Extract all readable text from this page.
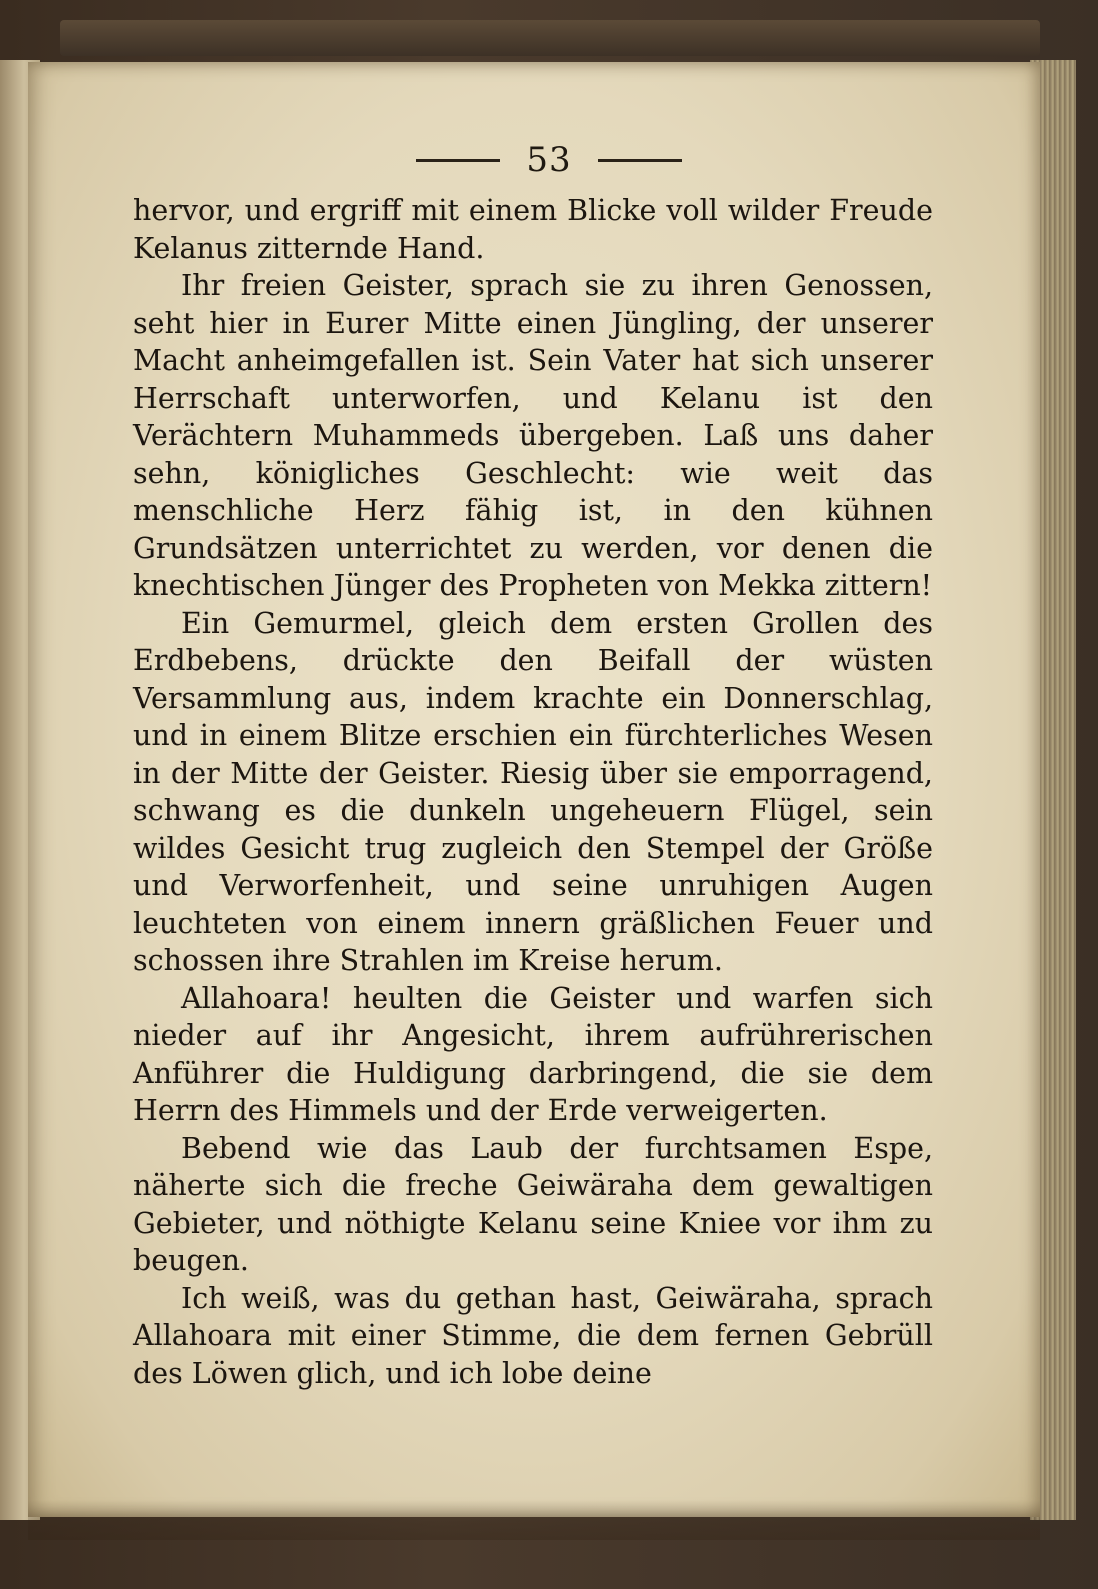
53

hervor, und ergriff mit einem Blicke voll wilder Freude Kelanus zitternde Hand.

Ihr freien Geister, sprach sie zu ihren Genossen, seht hier in Eurer Mitte einen Jüngling, der unserer Macht anheimgefallen ist. Sein Vater hat sich unserer Herrschaft unterworfen, und Kelanu ist den Verächtern Muhammeds übergeben. Laß uns daher sehn, königliches Geschlecht: wie weit das menschliche Herz fähig ist, in den kühnen Grundsätzen unterrichtet zu werden, vor denen die knechtischen Jünger des Propheten von Mekka zittern!

Ein Gemurmel, gleich dem ersten Grollen des Erdbebens, drückte den Beifall der wüsten Versammlung aus, indem krachte ein Donnerschlag, und in einem Blitze erschien ein fürchterliches Wesen in der Mitte der Geister. Riesig über sie emporragend, schwang es die dunkeln ungeheuern Flügel, sein wildes Gesicht trug zugleich den Stempel der Größe und Verworfenheit, und seine unruhigen Augen leuchteten von einem innern gräßlichen Feuer und schossen ihre Strahlen im Kreise herum.

Allahoara! heulten die Geister und warfen sich nieder auf ihr Angesicht, ihrem aufrührerischen Anführer die Huldigung darbringend, die sie dem Herrn des Himmels und der Erde verweigerten.

Bebend wie das Laub der furchtsamen Espe, näherte sich die freche Geiwäraha dem gewaltigen Gebieter, und nöthigte Kelanu seine Kniee vor ihm zu beugen.

Ich weiß, was du gethan hast, Geiwäraha, sprach Allahoara mit einer Stimme, die dem fernen Gebrüll des Löwen glich, und ich lobe deine
